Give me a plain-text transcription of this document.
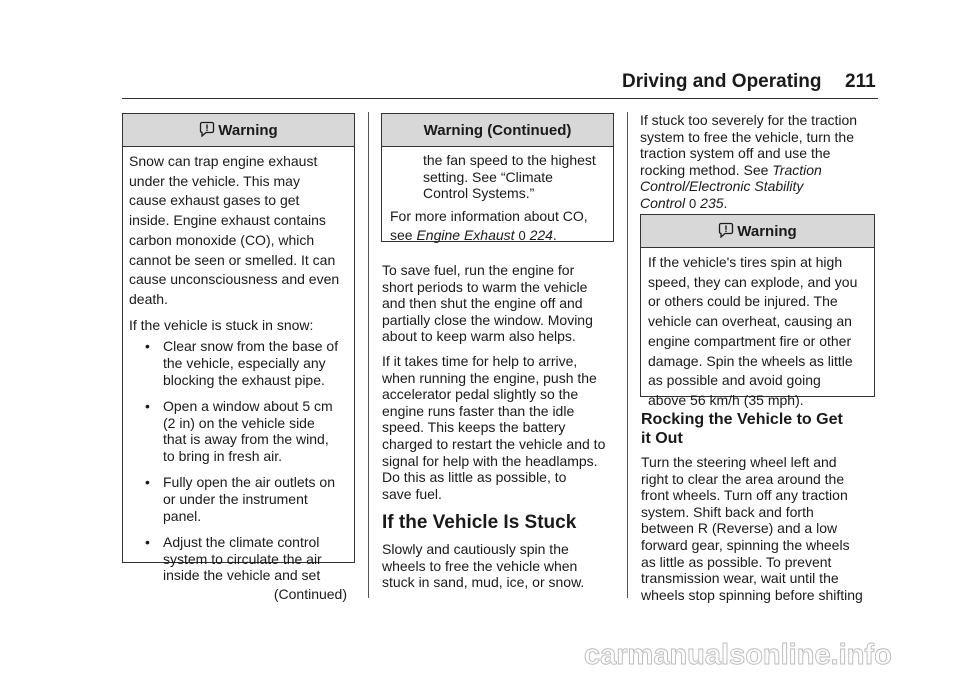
Driving and Operating 211
Warning

Snow can trap engine exhaust

under the vehicle. This may

cause exhaust gases to get

inside. Engine exhaust contains

carbon monoxide (CO), which

cannot be seen or smelled. It can

cause unconsciousness and even

death.

If the vehicle is stuck in snow:

• Clear snow from the base of

the vehicle, especially any

blocking the exhaust pipe.

• Open a window about 5 cm

(2 in) on the vehicle side

that is away from the wind,

to bring in fresh air.

• Fully open the air outlets on

or under the instrument

panel.

• Adjust the climate control

system to circulate the air

inside the vehicle and set

(Continued)

Warning (Continued)

the fan speed to the highest

setting. See “Climate

Control Systems.”

For more information about CO,

see Engine Exhaust 0 224.

To save fuel, run the engine for

short periods to warm the vehicle

and then shut the engine off and

partially close the window. Moving

about to keep warm also helps.

If it takes time for help to arrive,

when running the engine, push the

accelerator pedal slightly so the

engine runs faster than the idle

speed. This keeps the battery

charged to restart the vehicle and to

signal for help with the headlamps.

Do this as little as possible, to

save fuel.

If the Vehicle Is Stuck

Slowly and cautiously spin the

wheels to free the vehicle when

stuck in sand, mud, ice, or snow.

If stuck too severely for the traction

system to free the vehicle, turn the

traction system off and use the

rocking method. See Traction

Control/Electronic Stability

Control 0 235.

Warning

If the vehicle's tires spin at high

speed, they can explode, and you

or others could be injured. The

vehicle can overheat, causing an

engine compartment fire or other

damage. Spin the wheels as little

as possible and avoid going

above 56 km/h (35 mph).

Rocking the Vehicle to Get
it Out

Turn the steering wheel left and

right to clear the area around the

front wheels. Turn off any traction

system. Shift back and forth

between R (Reverse) and a low

forward gear, spinning the wheels

as little as possible. To prevent

transmission wear, wait until the

wheels stop spinning before shifting

carmanualsonline.info
